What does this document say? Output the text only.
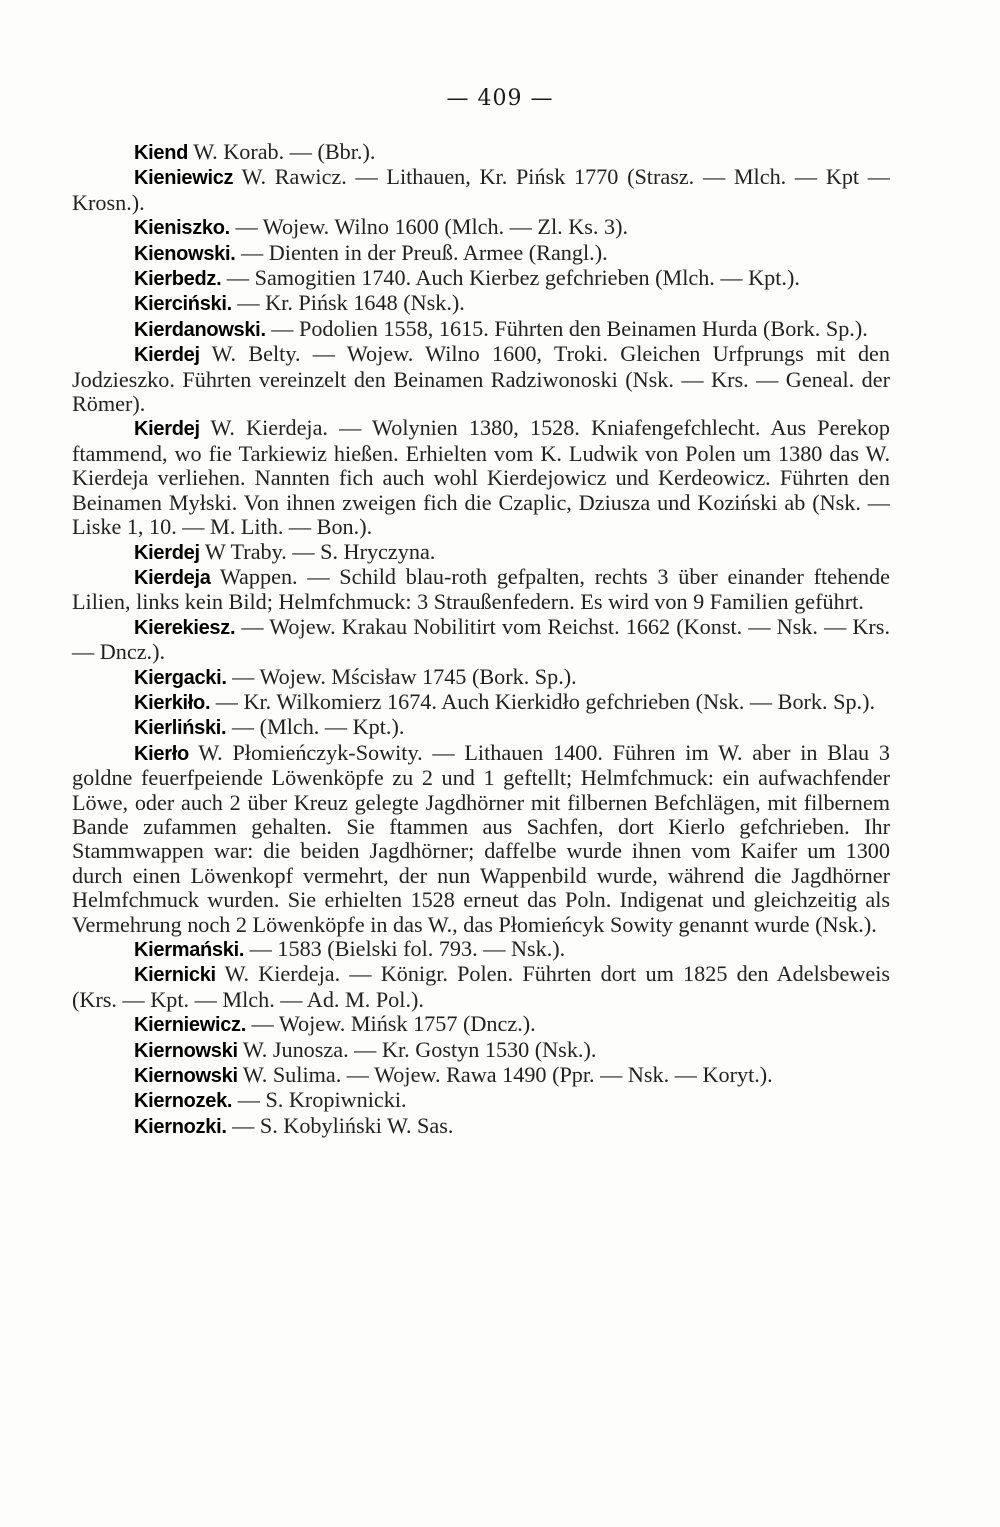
— 409 —

Kiend W. Korab. — (Bbr.).

Kieniewicz W. Rawicz. — Lithauen, Kr. Pińsk 1770 (Strasz. — Mlch. — Kpt — Krosn.).

Kieniszko. — Wojew. Wilno 1600 (Mlch. — Zl. Ks. 3).

Kienowski. — Dienten in der Preuß. Armee (Rangl.).

Kierbedz. — Samogitien 1740. Auch Kierbez gefchrieben (Mlch. — Kpt.).

Kierciński. — Kr. Pińsk 1648 (Nsk.).

Kierdanowski. — Podolien 1558, 1615. Führten den Beinamen Hurda (Bork. Sp.).

Kierdej W. Belty. — Wojew. Wilno 1600, Troki. Gleichen Urfprungs mit den Jodzieszko. Führten vereinzelt den Beinamen Radziwonoski (Nsk. — Krs. — Geneal. der Römer).

Kierdej W. Kierdeja. — Wolynien 1380, 1528. Kniafengefchlecht. Aus Perekop ftammend, wo fie Tarkiewiz hießen. Erhielten vom K. Ludwik von Polen um 1380 das W. Kierdeja verliehen. Nannten fich auch wohl Kierdejowicz und Kerdeowicz. Führten den Beinamen Myłski. Von ihnen zweigen fich die Czaplic, Dziusza und Koziński ab (Nsk. — Liske 1, 10. — M. Lith. — Bon.).

Kierdej W Traby. — S. Hryczyna.

Kierdeja Wappen. — Schild blau-roth gefpalten, rechts 3 über einander ftehende Lilien, links kein Bild; Helmfchmuck: 3 Straußenfedern. Es wird von 9 Familien geführt.

Kierekiesz. — Wojew. Krakau Nobilitirt vom Reichst. 1662 (Konst. — Nsk. — Krs. — Dncz.).

Kiergacki. — Wojew. Mścisław 1745 (Bork. Sp.).

Kierkiło. — Kr. Wilkomierz 1674. Auch Kierkidło gefchrieben (Nsk. — Bork. Sp.).

Kierliński. — (Mlch. — Kpt.).

Kierło W. Płomieńczyk-Sowity. — Lithauen 1400. Führen im W. aber in Blau 3 goldne feuerfpeiende Löwenköpfe zu 2 und 1 geftellt; Helmfchmuck: ein aufwachfender Löwe, oder auch 2 über Kreuz gelegte Jagdhörner mit filbernen Befchlägen, mit filbernem Bande zufammen gehalten. Sie ftammen aus Sachfen, dort Kierlo gefchrieben. Ihr Stammwappen war: die beiden Jagdhörner; daffelbe wurde ihnen vom Kaifer um 1300 durch einen Löwenkopf vermehrt, der nun Wappenbild wurde, während die Jagdhörner Helmfchmuck wurden. Sie erhielten 1528 erneut das Poln. Indigenat und gleichzeitig als Vermehrung noch 2 Löwenköpfe in das W., das Płomieńcyk Sowity genannt wurde (Nsk.).

Kiermański. — 1583 (Bielski fol. 793. — Nsk.).

Kiernicki W. Kierdeja. — Königr. Polen. Führten dort um 1825 den Adelsbeweis (Krs. — Kpt. — Mlch. — Ad. M. Pol.).

Kierniewicz. — Wojew. Mińsk 1757 (Dncz.).

Kiernowski W. Junosza. — Kr. Gostyn 1530 (Nsk.).

Kiernowski W. Sulima. — Wojew. Rawa 1490 (Ppr. — Nsk. — Koryt.).

Kiernozek. — S. Kropiwnicki.

Kiernozki. — S. Kobyliński W. Sas.
